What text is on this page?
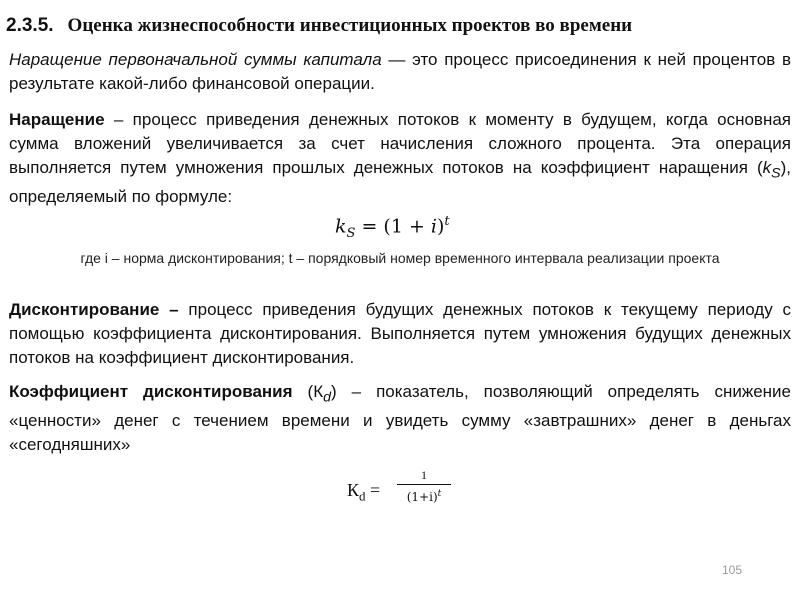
2.3.5. Оценка жизнеспособности инвестиционных проектов во времени

Наращение первоначальной суммы капитала — это процесс присоединения к ней процентов в результате какой-либо финансовой операции.

Наращение – процесс приведения денежных потоков к моменту в будущем, когда основная сумма вложений увеличивается за счет начисления сложного процента. Эта операция выполняется путем умножения прошлых денежных потоков на коэффициент наращения $(k_S)$, определяемый по формуле:

$k_S = (1 + i)^t$

где i – норма дисконтирования; t – порядковый номер временного интервала реализации проекта

Дисконтирование – процесс приведения будущих денежных потоков к текущему периоду с помощью коэффициента дисконтирования. Выполняется путем умножения будущих денежных потоков на коэффициент дисконтирования.

Коэффициент дисконтирования $(К_d)$ – показатель, позволяющий определять снижение «ценности» денег с течением времени и увидеть сумму «завтрашних» денег в деньгах «сегодняшних»

$К_d$ =
1
$(1+i)^t$
105
